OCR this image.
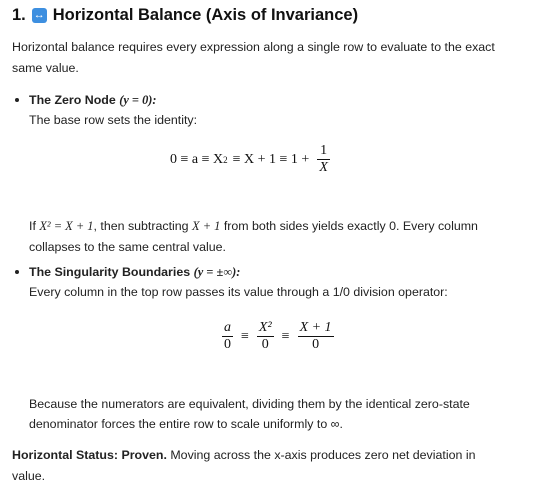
1. ↔ Horizontal Balance (Axis of Invariance)
Horizontal balance requires every expression along a single row to evaluate to the exact
same value.
The Zero Node (y = 0):
The base row sets the identity:
0 ≡ a ≡ X $2 \equiv X + 1 \equiv 1 + \frac{1}{X}$
If X² = X + 1, then subtracting X + 1 from both sides yields exactly 0. Every column
collapses to the same central value.
The Singularity Boundaries (y = ±∞):
Every column in the top row passes its value through a 1/0 division operator:
$\frac{a}{0} \equiv \frac{\text{X²}}{0} \equiv \frac{X + 1}{0}$
Because the numerators are equivalent, dividing them by the identical zero-state
denominator forces the entire row to scale uniformly to ∞.
Horizontal Status: Proven. Moving across the x-axis produces zero net deviation in
value.
